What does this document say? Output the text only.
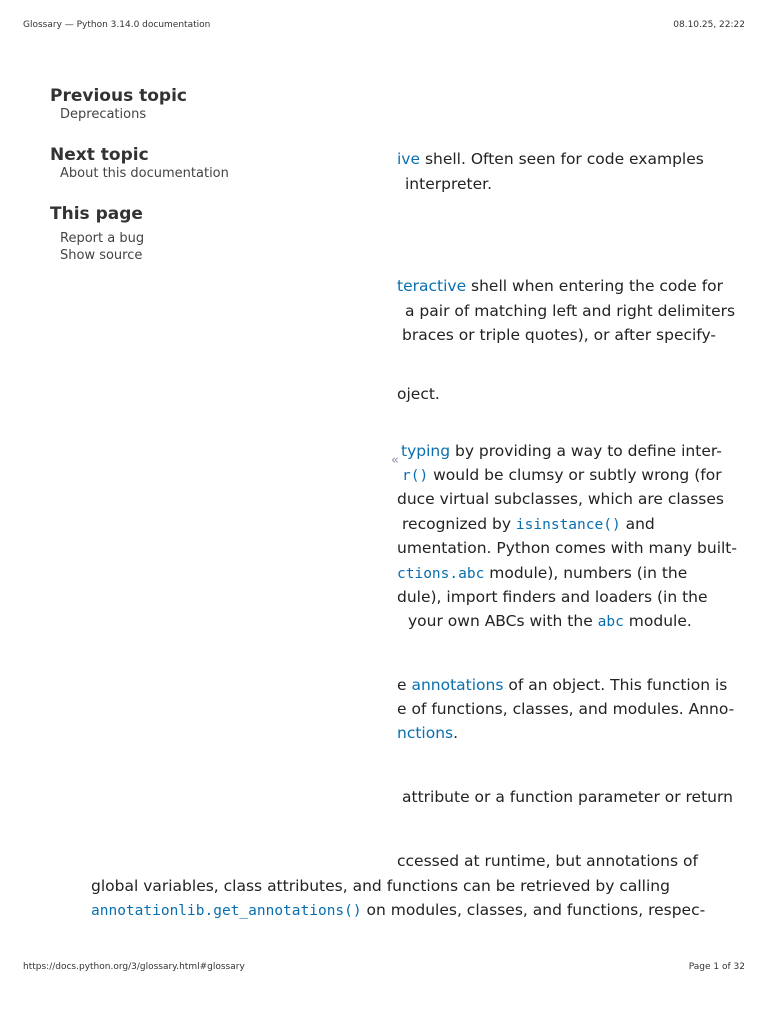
Glossary — Python 3.14.0 documentation	08.10.25, 22:22
Previous topic
Deprecations
Next topic
About this documentation
This page
Report a bug
Show source
ive shell. Often seen for code examples
interpreter.
teractive shell when entering the code for
a pair of matching left and right delimiters
braces or triple quotes), or after specify-
oject.
typing by providing a way to define inter-
«
r() would be clumsy or subtly wrong (for
duce virtual subclasses, which are classes
recognized by isinstance() and
umentation. Python comes with many built-
ctions.abc module), numbers (in the
dule), import finders and loaders (in the
your own ABCs with the abc module.
e annotations of an object. This function is
e of functions, classes, and modules. Anno-
nctions.
attribute or a function parameter or return
ccessed at runtime, but annotations of
global variables, class attributes, and functions can be retrieved by calling
annotationlib.get_annotations() on modules, classes, and functions, respec-
https://docs.python.org/3/glossary.html#glossary	Page 1 of 32
